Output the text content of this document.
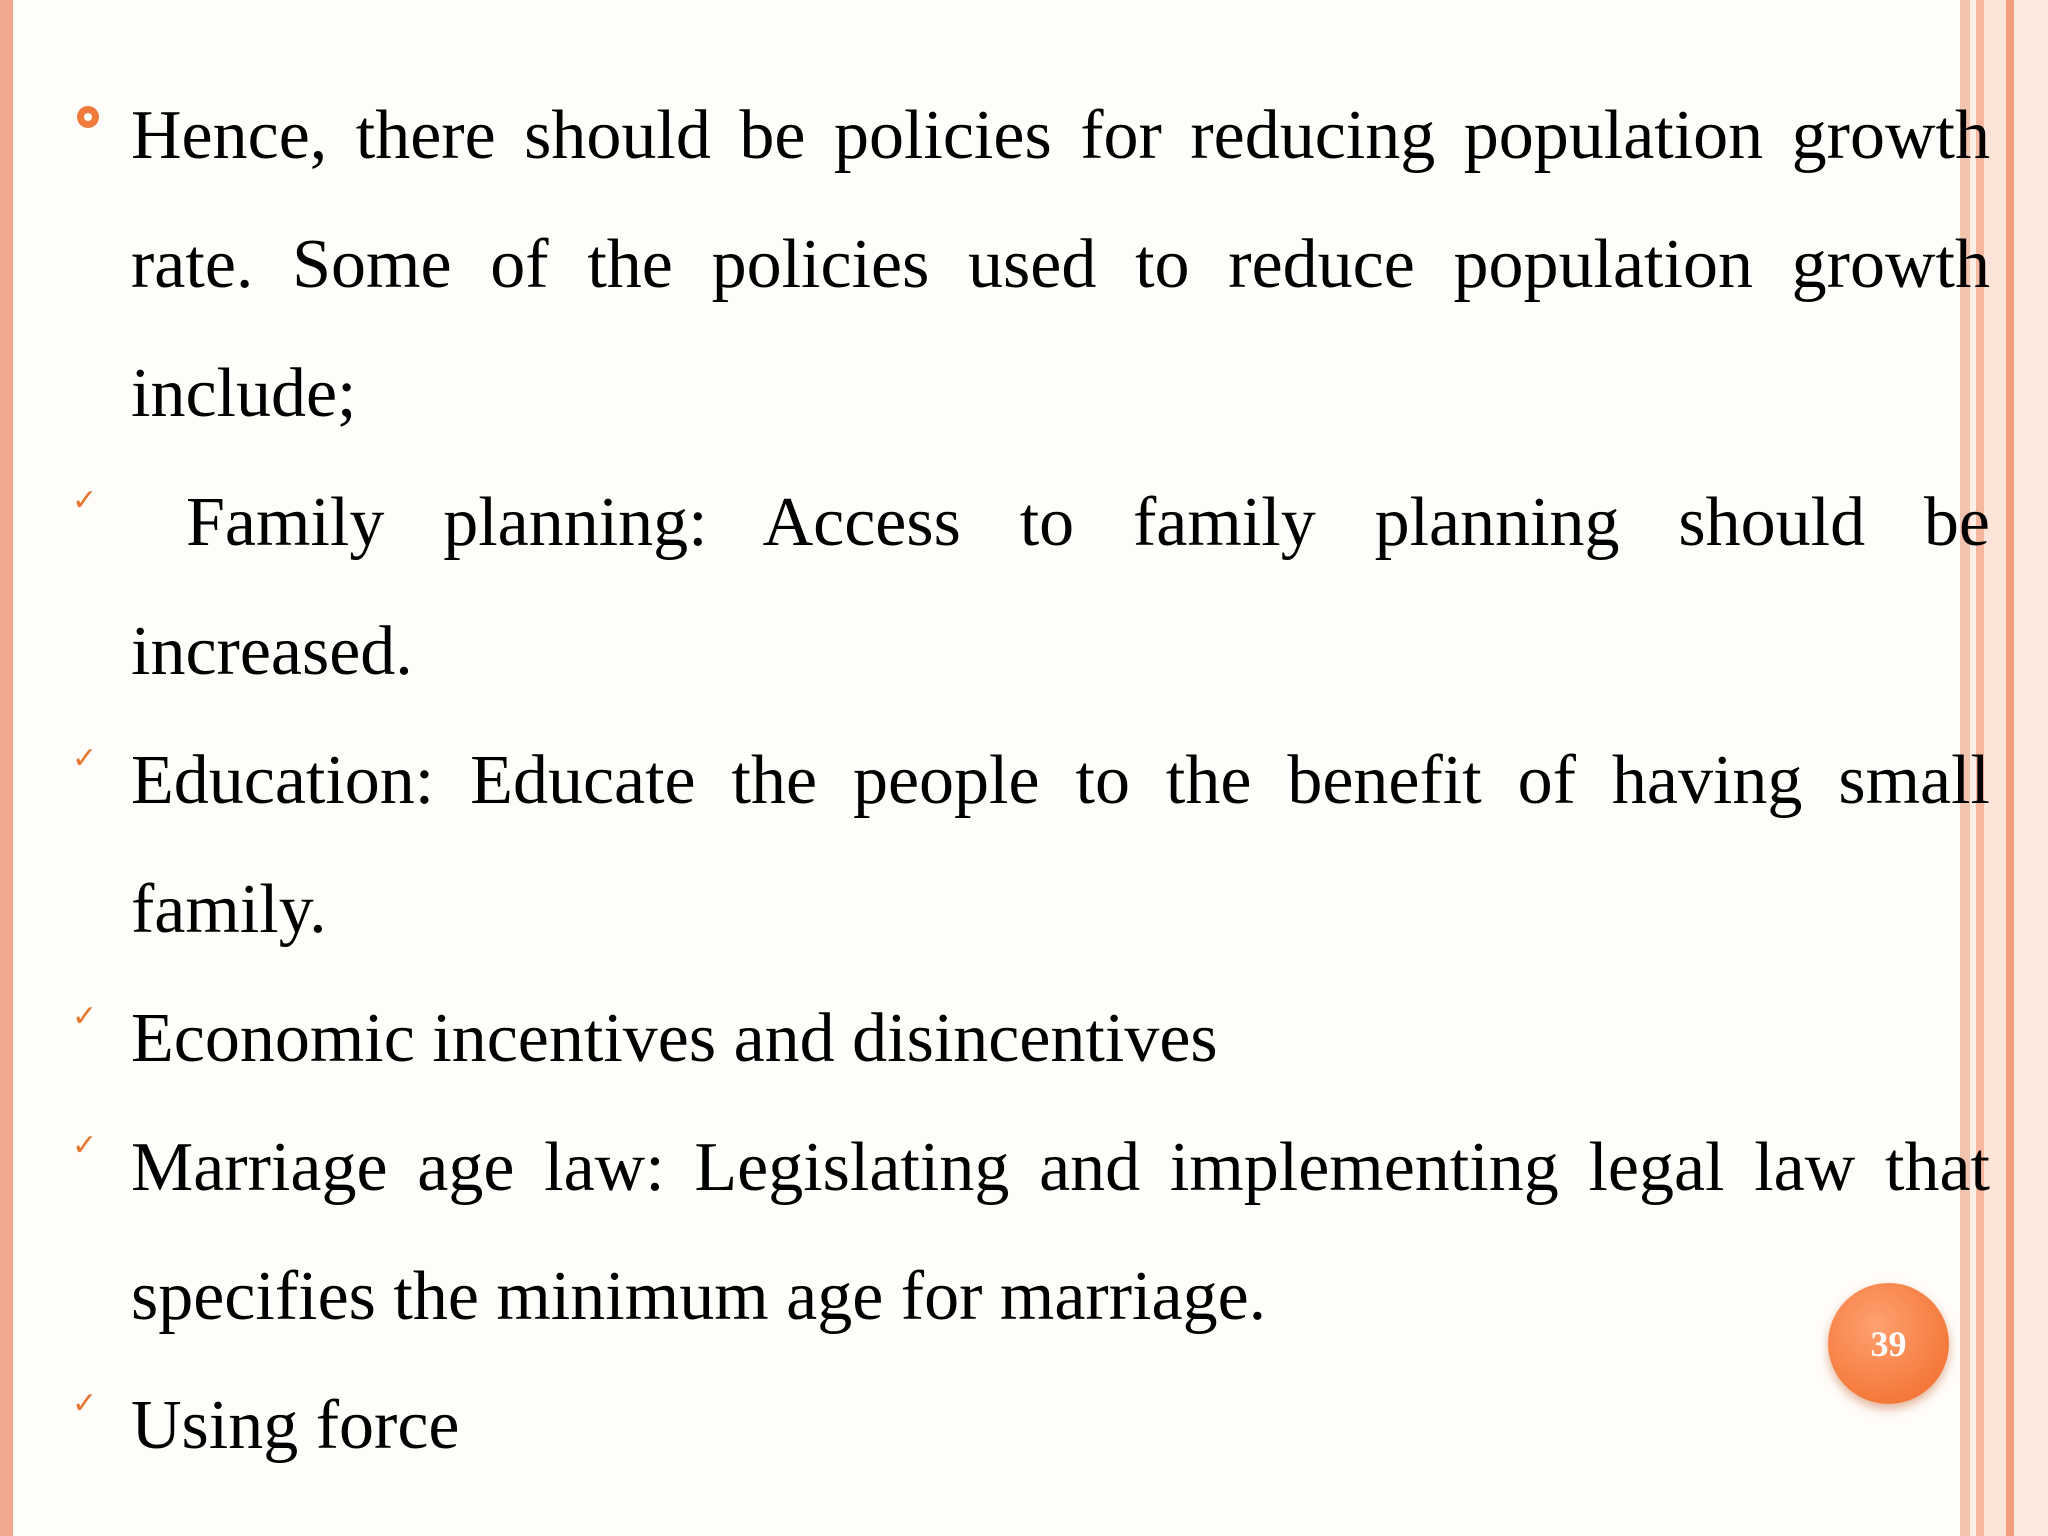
Hence, there should be policies for reducing population growth
rate. Some of the policies used to reduce population growth
include;
✓ Family planning: Access to family planning should be
increased.
✓ Education: Educate the people to the benefit of having small
family.
✓ Economic incentives and disincentives
✓ Marriage age law: Legislating and implementing legal law that
specifies the minimum age for marriage.
✓ Using force
39
